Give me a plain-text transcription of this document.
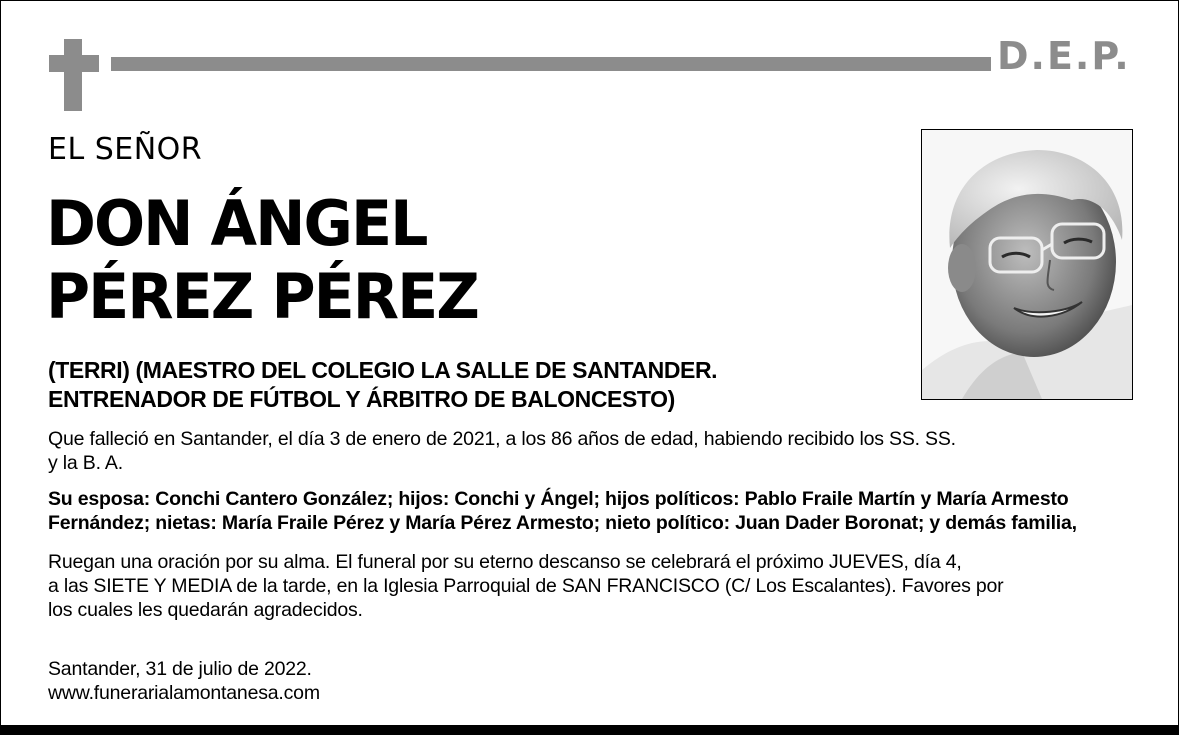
D.E.P.
EL SEÑOR
DON ÁNGEL
PÉREZ PÉREZ
(TERRI) (MAESTRO DEL COLEGIO LA SALLE DE SANTANDER.
ENTRENADOR DE FÚTBOL Y ÁRBITRO DE BALONCESTO)
Que falleció en Santander, el día 3 de enero de 2021, a los 86 años de edad, habiendo recibido los SS. SS.
y la B. A.
Su esposa: Conchi Cantero González; hijos: Conchi y Ángel; hijos políticos: Pablo Fraile Martín y María Armesto
Fernández; nietas: María Fraile Pérez y María Pérez Armesto; nieto político: Juan Dader Boronat; y demás familia,
Ruegan una oración por su alma. El funeral por su eterno descanso se celebrará el próximo JUEVES, día 4,
a las SIETE Y MEDIA de la tarde, en la Iglesia Parroquial de SAN FRANCISCO (C/ Los Escalantes). Favores por
los cuales les quedarán agradecidos.
Santander, 31 de julio de 2022.
www.funerarialamontanesa.com
